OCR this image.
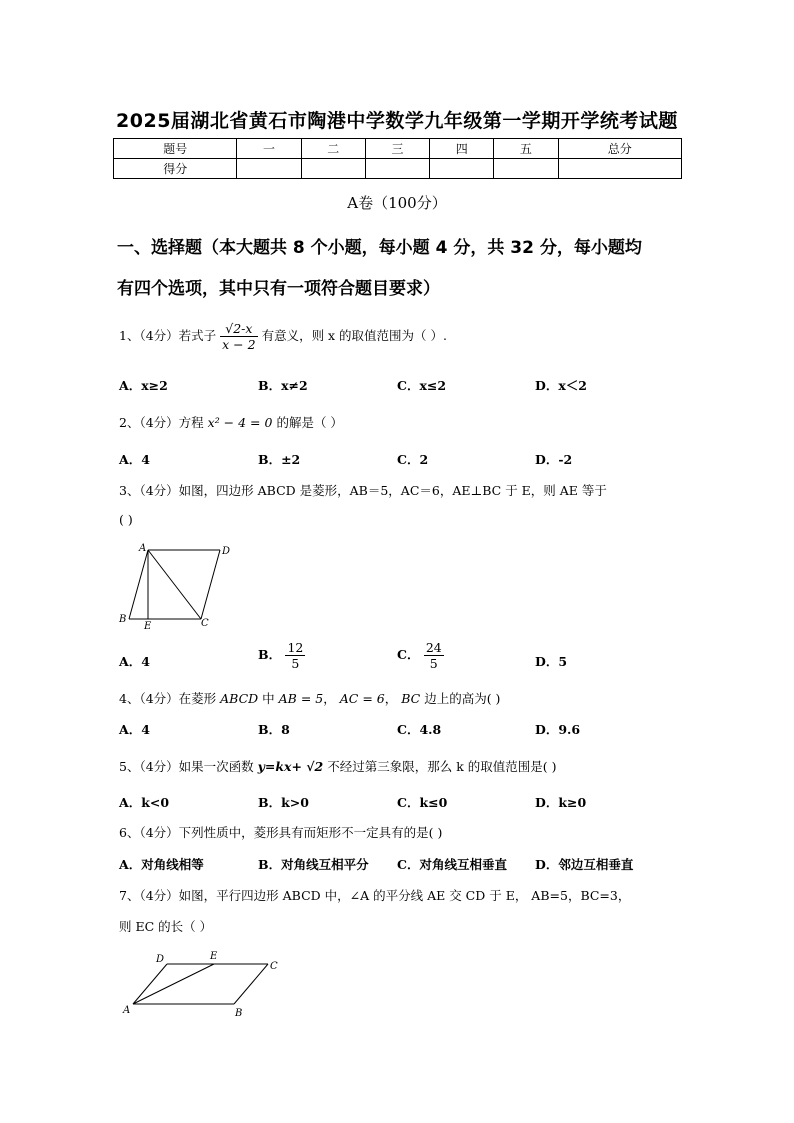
2025届湖北省黄石市陶港中学数学九年级第一学期开学统考试题
题号	一	二	三	四	五	总分
得分						
A卷（100分）
一、选择题（本大题共 8 个小题，每小题 4 分，共 32 分，每小题均
有四个选项，其中只有一项符合题目要求）
1、（4分）若式子 $\frac{√2-x}{x - 2}$ 有意义，则 x 的取值范围为（ ）.
A．x≥2	B．x≠2	C．x≤2	D．x＜2
2、（4分）方程 x² − 4 = 0 的解是（ ）
A．4	B．±2	C．2	D．-2
3、（4分）如图，四边形 ABCD 是菱形，AB＝5，AC＝6，AE⊥BC 于 E，则 AE 等于
( )
A	D
B
E	C
A．4	B． $\frac{12}{5}$	C． $\frac{24}{5}$	D．5
4、（4分）在菱形 ABCD 中 AB = 5， AC = 6， BC 边上的高为( )
A．4	B．8	C．4.8	D．9.6
5、（4分）如果一次函数 y=kx+ √2 不经过第三象限，那么 k 的取值范围是( )
A．k<0	B．k>0	C．k≤0	D．k≥0
6、（4分）下列性质中，菱形具有而矩形不一定具有的是( )
A．对角线相等	B．对角线互相平分 C．对角线互相垂直 D．邻边互相垂直
7、（4分）如图，平行四边形 ABCD 中，∠A 的平分线 AE 交 CD 于 E， AB=5，BC=3，
则 EC 的长（ ）
D	E
C
A	B
